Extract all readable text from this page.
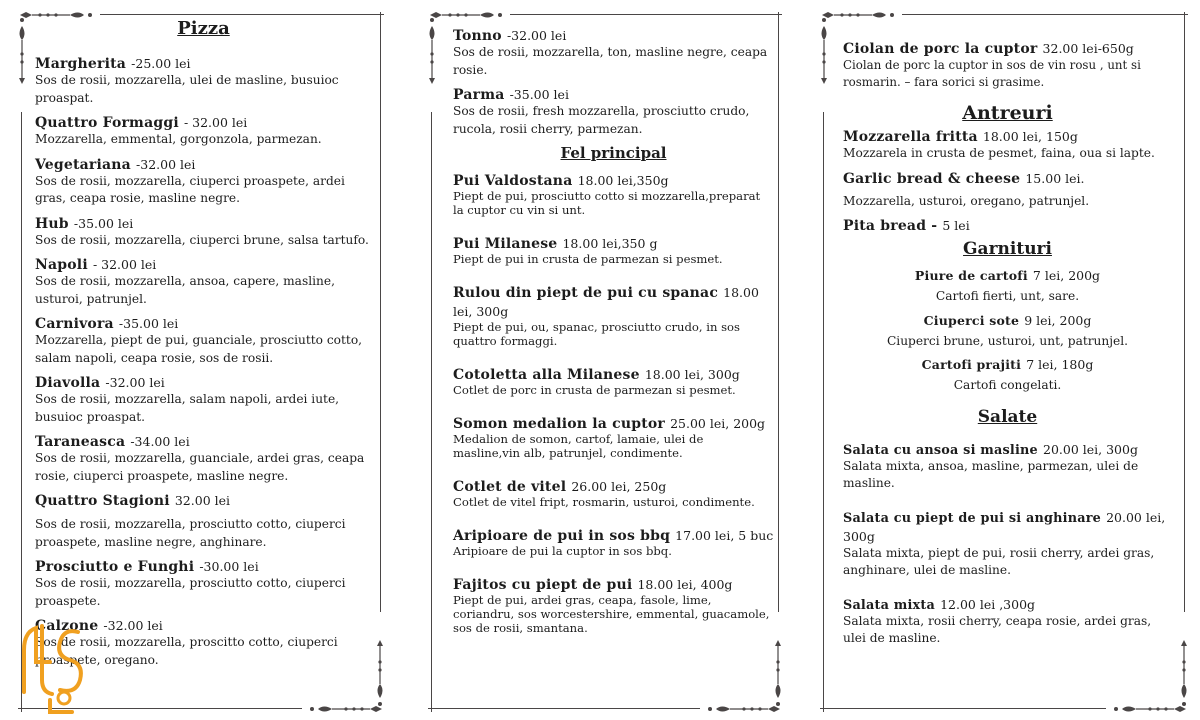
Pizza
Margherita -25.00 lei
Sos de rosii, mozzarella, ulei de masline, busuioc proaspat.
Quattro Formaggi - 32.00 lei
Mozzarella, emmental, gorgonzola, parmezan.
Vegetariana -32.00 lei
Sos de rosii, mozzarella, ciuperci proaspete, ardei gras, ceapa rosie, masline negre.
Hub -35.00 lei
Sos de rosii, mozzarella, ciuperci brune, salsa tartufo.
Napoli - 32.00 lei
Sos de rosii, mozzarella, ansoa, capere, masline, usturoi, patrunjel.
Carnivora -35.00 lei
Mozzarella, piept de pui, guanciale, prosciutto cotto, salam napoli, ceapa rosie, sos de rosii.
Diavolla -32.00 lei
Sos de rosii, mozzarella, salam napoli, ardei iute, busuioc proaspat.
Taraneasca -34.00 lei
Sos de rosii, mozzarella, guanciale, ardei gras, ceapa rosie, ciuperci proaspete, masline negre.
Quattro Stagioni 32.00 lei
Sos de rosii, mozzarella, prosciutto cotto, ciuperci proaspete, masline negre, anghinare.
Prosciutto e Funghi -30.00 lei
Sos de rosii, mozzarella, prosciutto cotto, ciuperci proaspete.
Calzone -32.00 lei
Sos de rosii, mozzarella, proscitto cotto, ciuperci proaspete, oregano.
Tonno -32.00 lei
Sos de rosii, mozzarella, ton, masline negre, ceapa rosie.
Parma -35.00 lei
Sos de rosii, fresh mozzarella, prosciutto crudo, rucola, rosii cherry, parmezan.
Fel principal
Pui Valdostana 18.00 lei,350g
Piept de pui, prosciutto cotto si mozzarella,preparat la cuptor cu vin si unt.
Pui Milanese 18.00 lei,350 g
Piept de pui in crusta de parmezan si pesmet.
Rulou din piept de pui cu spanac 18.00 lei, 300g
Piept de pui, ou, spanac, prosciutto crudo, in sos quattro formaggi.
Cotoletta alla Milanese 18.00 lei, 300g
Cotlet de porc in crusta de parmezan si pesmet.
Somon medalion la cuptor 25.00 lei, 200g
Medalion de somon, cartof, lamaie, ulei de masline,vin alb, patrunjel, condimente.
Cotlet de vitel 26.00 lei, 250g
Cotlet de vitel fript, rosmarin, usturoi, condimente.
Aripioare de pui in sos bbq 17.00 lei, 5 buc
Aripioare de pui la cuptor in sos bbq.
Fajitos cu piept de pui 18.00 lei, 400g
Piept de pui, ardei gras, ceapa, fasole, lime, coriandru, sos worcestershire, emmental, guacamole, sos de rosii, smantana.
Ciolan de porc la cuptor 32.00 lei-650g
Ciolan de porc la cuptor in sos de vin rosu , unt si rosmarin. – fara sorici si grasime.
Antreuri
Mozzarella fritta 18.00 lei, 150g
Mozzarela in crusta de pesmet, faina, oua si lapte.
Garlic bread & cheese 15.00 lei.
Mozzarella, usturoi, oregano, patrunjel.
Pita bread - 5 lei
Garnituri
Piure de cartofi 7 lei, 200g
Cartofi fierti, unt, sare.
Ciuperci sote 9 lei, 200g
Ciuperci brune, usturoi, unt, patrunjel.
Cartofi prajiti 7 lei, 180g
Cartofi congelati.
Salate
Salata cu ansoa si masline 20.00 lei, 300g
Salata mixta, ansoa, masline, parmezan, ulei de masline.
Salata cu piept de pui si anghinare 20.00 lei, 300g
Salata mixta, piept de pui, rosii cherry, ardei gras, anghinare, ulei de masline.
Salata mixta 12.00 lei ,300g
Salata mixta, rosii cherry, ceapa rosie, ardei gras, ulei de masline.
